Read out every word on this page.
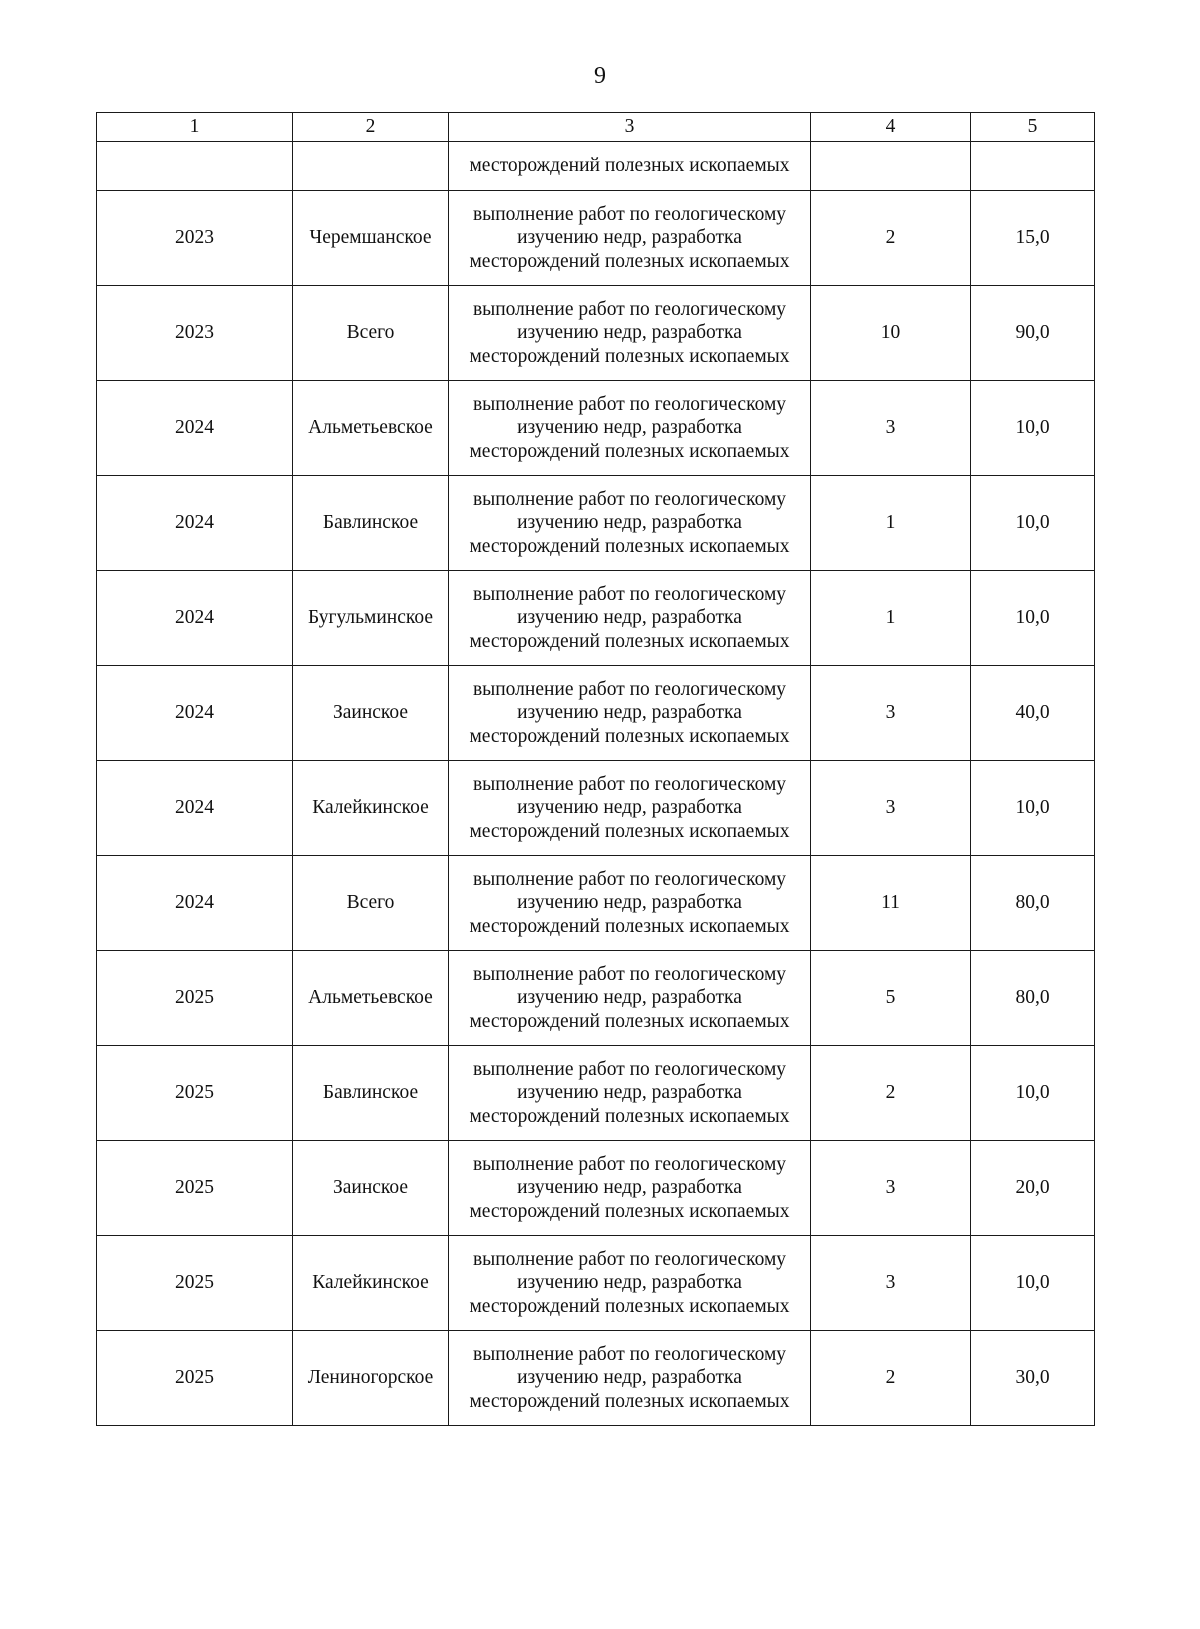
9
1	2	3	4	5
		месторождений полезных ископаемых		
2023	Черемшанское	выполнение работ по геологическому изучению недр, разработка месторождений полезных ископаемых	2	15,0
2023	Всего	выполнение работ по геологическому изучению недр, разработка месторождений полезных ископаемых	10	90,0
2024	Альметьевское	выполнение работ по геологическому изучению недр, разработка месторождений полезных ископаемых	3	10,0
2024	Бавлинское	выполнение работ по геологическому изучению недр, разработка месторождений полезных ископаемых	1	10,0
2024	Бугульминское	выполнение работ по геологическому изучению недр, разработка месторождений полезных ископаемых	1	10,0
2024	Заинское	выполнение работ по геологическому изучению недр, разработка месторождений полезных ископаемых	3	40,0
2024	Калейкинское	выполнение работ по геологическому изучению недр, разработка месторождений полезных ископаемых	3	10,0
2024	Всего	выполнение работ по геологическому изучению недр, разработка месторождений полезных ископаемых	11	80,0
2025	Альметьевское	выполнение работ по геологическому изучению недр, разработка месторождений полезных ископаемых	5	80,0
2025	Бавлинское	выполнение работ по геологическому изучению недр, разработка месторождений полезных ископаемых	2	10,0
2025	Заинское	выполнение работ по геологическому изучению недр, разработка месторождений полезных ископаемых	3	20,0
2025	Калейкинское	выполнение работ по геологическому изучению недр, разработка месторождений полезных ископаемых	3	10,0
2025	Лениногорское	выполнение работ по геологическому изучению недр, разработка месторождений полезных ископаемых	2	30,0
